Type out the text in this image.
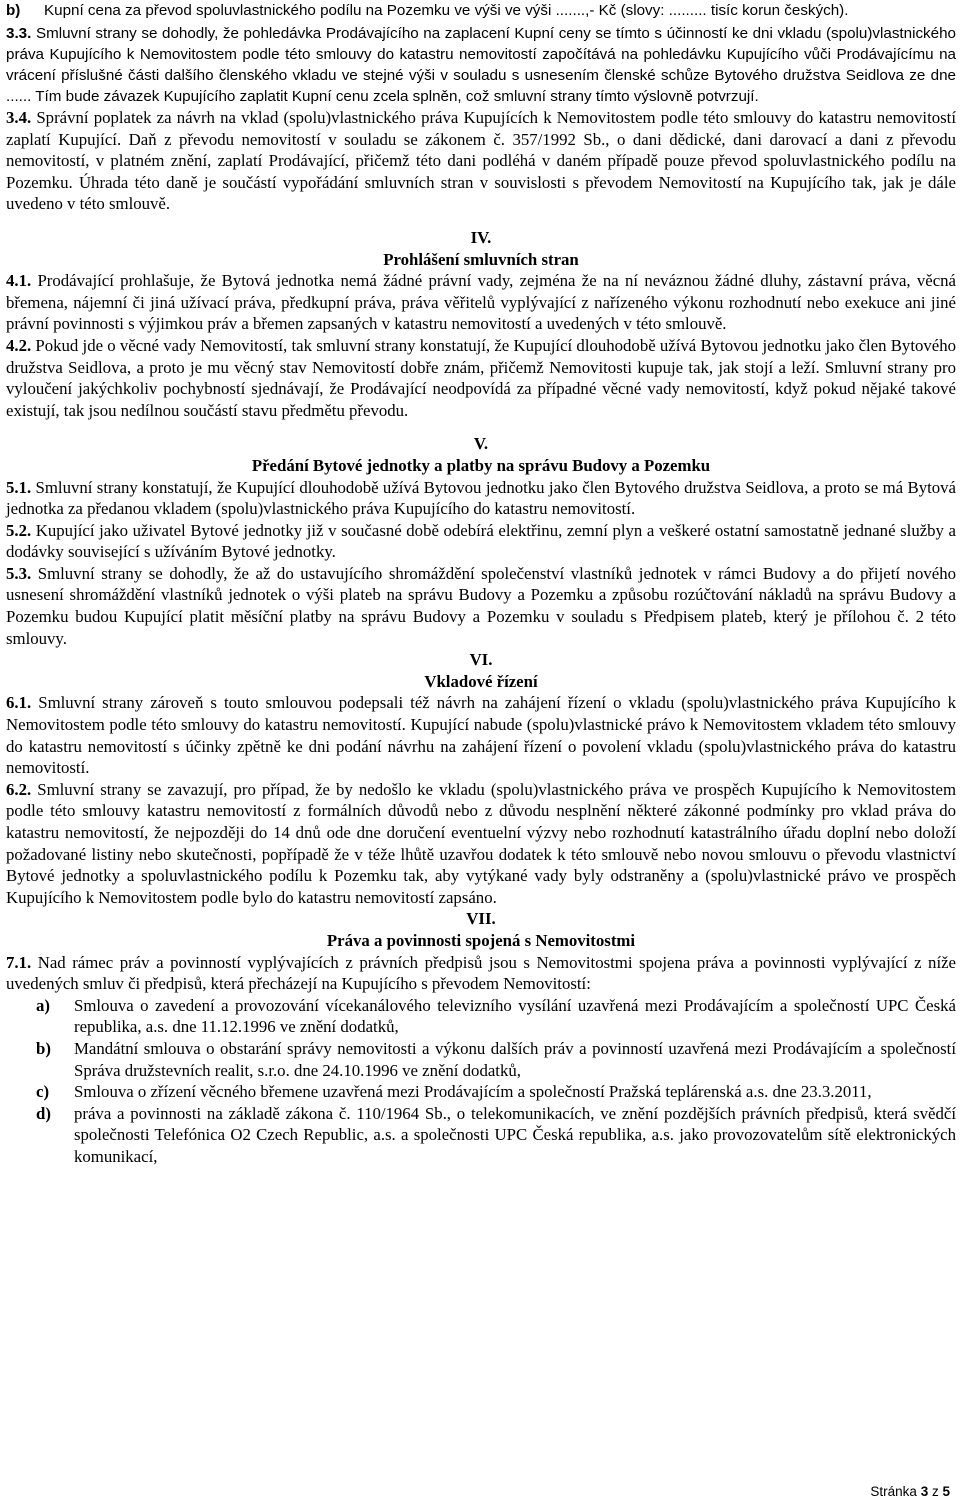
b)	Kupní cena za převod spoluvlastnického podílu na Pozemku ve výši ve výši .......,- Kč (slovy: ......... tisíc korun českých).

3.3. Smluvní strany se dohodly, že pohledávka Prodávajícího na zaplacení Kupní ceny se tímto s účinností ke dni vkladu (spolu)vlastnického práva Kupujícího k Nemovitostem podle této smlouvy do katastru nemovitostí započítává na pohledávku Kupujícího vůči Prodávajícímu na vrácení příslušné části dalšího členského vkladu ve stejné výši v souladu s usnesením členské schůze Bytového družstva Seidlova ze dne ...... Tím bude závazek Kupujícího zaplatit Kupní cenu zcela splněn, což smluvní strany tímto výslovně potvrzují.

3.4. Správní poplatek za návrh na vklad (spolu)vlastnického práva Kupujících k Nemovitostem podle této smlouvy do katastru nemovitostí zaplatí Kupující. Daň z převodu nemovitostí v souladu se zákonem č. 357/1992 Sb., o dani dědické, dani darovací a dani z převodu nemovitostí, v platném znění, zaplatí Prodávající, přičemž této dani podléhá v daném případě pouze převod spoluvlastnického podílu na Pozemku. Úhrada této daně je součástí vypořádání smluvních stran v souvislosti s převodem Nemovitostí na Kupujícího tak, jak je dále uvedeno v této smlouvě.

IV.
Prohlášení smluvních stran

4.1. Prodávající prohlašuje, že Bytová jednotka nemá žádné právní vady, zejména že na ní neváznou žádné dluhy, zástavní práva, věcná břemena, nájemní či jiná užívací práva, předkupní práva, práva věřitelů vyplývající z nařízeného výkonu rozhodnutí nebo exekuce ani jiné právní povinnosti s výjimkou práv a břemen zapsaných v katastru nemovitostí a uvedených v této smlouvě.

4.2. Pokud jde o věcné vady Nemovitostí, tak smluvní strany konstatují, že Kupující dlouhodobě užívá Bytovou jednotku jako člen Bytového družstva Seidlova, a proto je mu věcný stav Nemovitostí dobře znám, přičemž Nemovitosti kupuje tak, jak stojí a leží. Smluvní strany pro vyloučení jakýchkoliv pochybností sjednávají, že Prodávající neodpovídá za případné věcné vady nemovitostí, když pokud nějaké takové existují, tak jsou nedílnou součástí stavu předmětu převodu.

V.
Předání Bytové jednotky a platby na správu Budovy a Pozemku

5.1. Smluvní strany konstatují, že Kupující dlouhodobě užívá Bytovou jednotku jako člen Bytového družstva Seidlova, a proto se má Bytová jednotka za předanou vkladem (spolu)vlastnického práva Kupujícího do katastru nemovitostí.

5.2. Kupující jako uživatel Bytové jednotky již v současné době odebírá elektřinu, zemní plyn a veškeré ostatní samostatně jednané služby a dodávky související s užíváním Bytové jednotky.

5.3. Smluvní strany se dohodly, že až do ustavujícího shromáždění společenství vlastníků jednotek v rámci Budovy a do přijetí nového usnesení shromáždění vlastníků jednotek o výši plateb na správu Budovy a Pozemku a způsobu rozúčtování nákladů na správu Budovy a Pozemku budou Kupující platit měsíční platby na správu Budovy a Pozemku v souladu s Předpisem plateb, který je přílohou č. 2 této smlouvy.

VI.
Vkladové řízení

6.1. Smluvní strany zároveň s touto smlouvou podepsali též návrh na zahájení řízení o vkladu (spolu)vlastnického práva Kupujícího k Nemovitostem podle této smlouvy do katastru nemovitostí. Kupující nabude (spolu)vlastnické právo k Nemovitostem vkladem této smlouvy do katastru nemovitostí s účinky zpětně ke dni podání návrhu na zahájení řízení o povolení vkladu (spolu)vlastnického práva do katastru nemovitostí.

6.2. Smluvní strany se zavazují, pro případ, že by nedošlo ke vkladu (spolu)vlastnického práva ve prospěch Kupujícího k Nemovitostem podle této smlouvy katastru nemovitostí z formálních důvodů nebo z důvodu nesplnění některé zákonné podmínky pro vklad práva do katastru nemovitostí, že nejpozději do 14 dnů ode dne doručení eventuelní výzvy nebo rozhodnutí katastrálního úřadu doplní nebo doloží požadované listiny nebo skutečnosti, popřípadě že v téže lhůtě uzavřou dodatek k této smlouvě nebo novou smlouvu o převodu vlastnictví Bytové jednotky a spoluvlastnického podílu k Pozemku tak, aby vytýkané vady byly odstraněny a (spolu)vlastnické právo ve prospěch Kupujícího k Nemovitostem podle bylo do katastru nemovitostí zapsáno.

VII.
Práva a povinnosti spojená s Nemovitostmi

7.1. Nad rámec práv a povinností vyplývajících z právních předpisů jsou s Nemovitostmi spojena práva a povinnosti vyplývající z níže uvedených smluv či předpisů, která přecházejí na Kupujícího s převodem Nemovitostí:

a)	Smlouva o zavedení a provozování vícekanálového televizního vysílání uzavřená mezi Prodávajícím a společností UPC Česká republika, a.s. dne 11.12.1996 ve znění dodatků,
b)	Mandátní smlouva o obstarání správy nemovitosti a výkonu dalších práv a povinností uzavřená mezi Prodávajícím a společností Správa družstevních realit, s.r.o. dne 24.10.1996 ve znění dodatků,
c)	Smlouva o zřízení věcného břemene uzavřená mezi Prodávajícím a společností Pražská teplárenská a.s. dne 23.3.2011,
d)	práva a povinnosti na základě zákona č. 110/1964 Sb., o telekomunikacích, ve znění pozdějších právních předpisů, která svědčí společnosti Telefónica O2 Czech Republic, a.s. a společnosti UPC Česká republika, a.s. jako provozovatelům sítě elektronických komunikací,
Stránka 3 z 5
